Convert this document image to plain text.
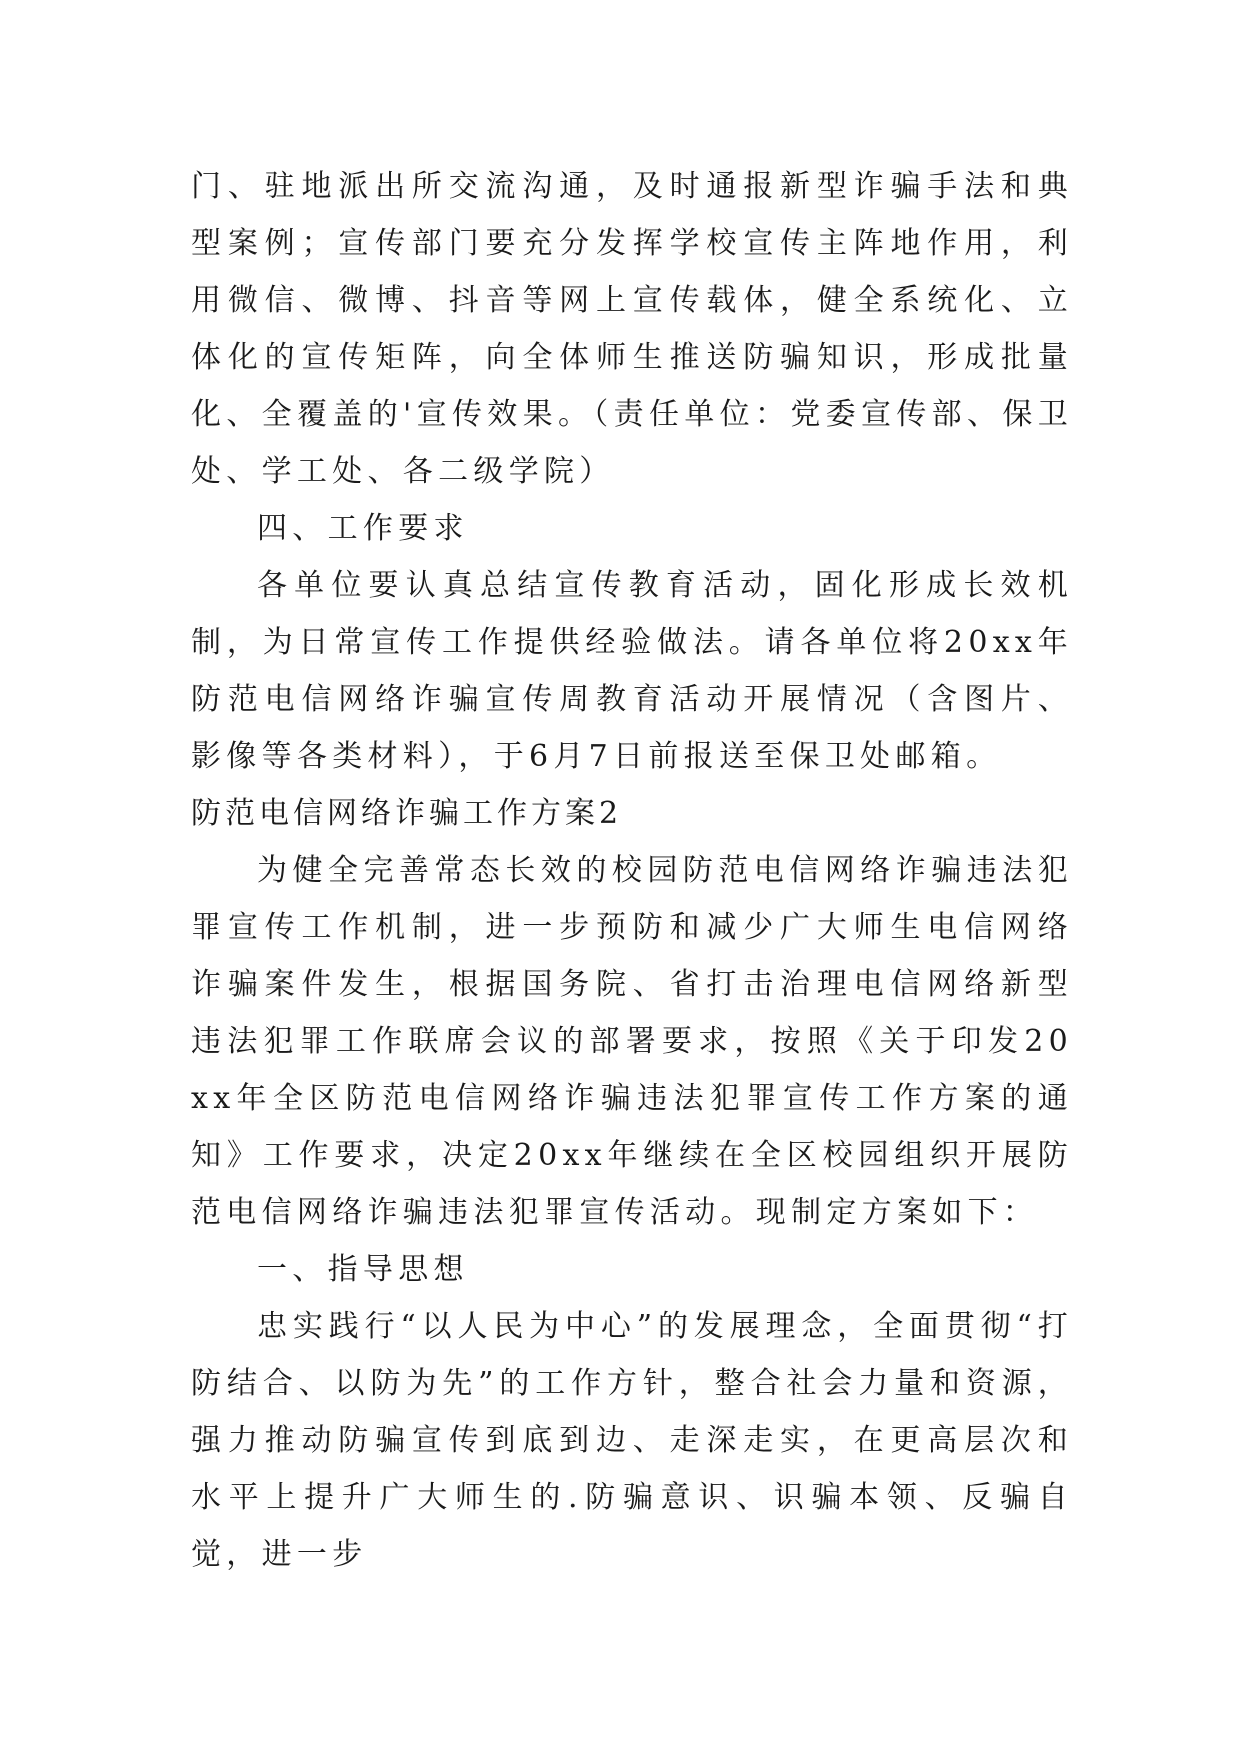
门、驻地派出所交流沟通，及时通报新型诈骗手法和典型案例；宣传部门要充分发挥学校宣传主阵地作用，利用微信、微博、抖音等网上宣传载体，健全系统化、立体化的宣传矩阵，向全体师生推送防骗知识，形成批量化、全覆盖的'宣传效果。（责任单位：党委宣传部、保卫处、学工处、各二级学院）

四、工作要求

各单位要认真总结宣传教育活动，固化形成长效机制，为日常宣传工作提供经验做法。请各单位将20xx年防范电信网络诈骗宣传周教育活动开展情况（含图片、影像等各类材料），于6月7日前报送至保卫处邮箱。

防范电信网络诈骗工作方案2

为健全完善常态长效的校园防范电信网络诈骗违法犯罪宣传工作机制，进一步预防和减少广大师生电信网络诈骗案件发生，根据国务院、省打击治理电信网络新型违法犯罪工作联席会议的部署要求，按照《关于印发20xx年全区防范电信网络诈骗违法犯罪宣传工作方案的通知》工作要求，决定20xx年继续在全区校园组织开展防范电信网络诈骗违法犯罪宣传活动。现制定方案如下：

一、指导思想

忠实践行“以人民为中心”的发展理念，全面贯彻“打防结合、以防为先”的工作方针，整合社会力量和资源，强力推动防骗宣传到底到边、走深走实，在更高层次和水平上提升广大师生的.防骗意识、识骗本领、反骗自觉，进一步
